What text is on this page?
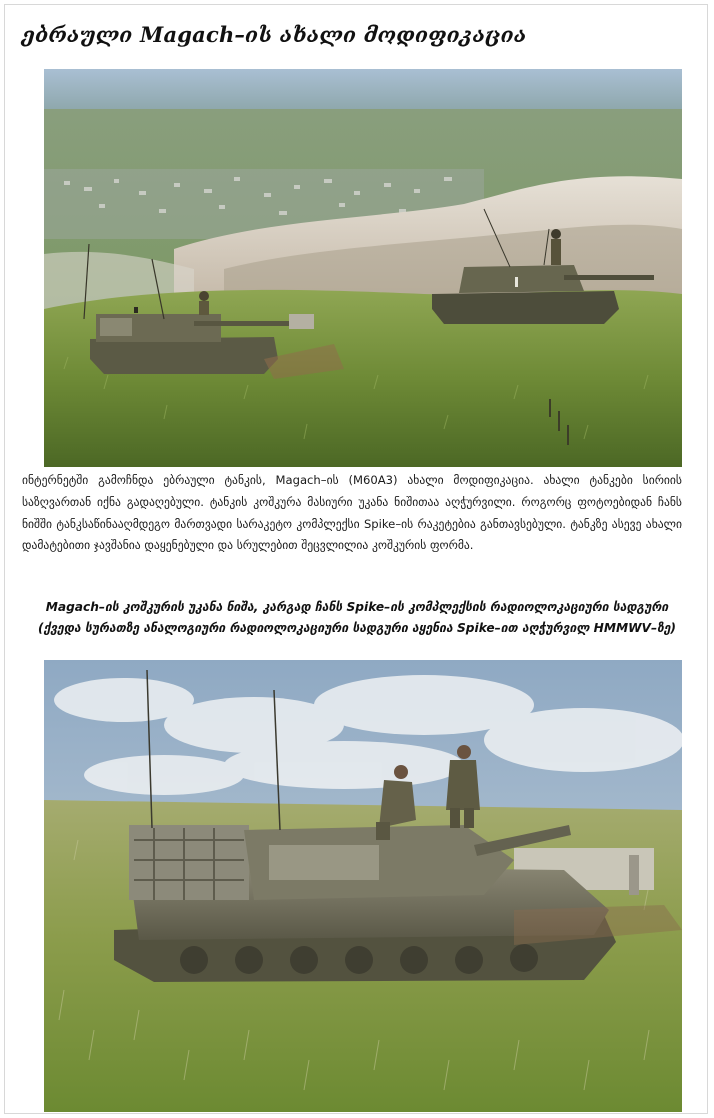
ებრაული Magach–ის ახალი მოდიფიკაცია
ინტერნეტში გამოჩნდა ებრაული ტანკის, Magach–ის (M60A3) ახალი მოდიფიკაცია. ახალი ტანკები სირიის საზღვართან იქნა გადაღებული. ტანკის კოშკურა მასიური უკანა ნიშითაა აღჭურვილი. როგორც ფოტოებიდან ჩანს ნიშში ტანკსაწინააღმდეგო მართვადი სარაკეტო კომპლექსი Spike–ის რაკეტებია განთავსებული. ტანკზე ასევე ახალი დამატებითი ჯავშანია დაყენებული და სრულებით შეცვლილია კოშკურის ფორმა.
Magach–ის კოშკურის უკანა ნიშა, კარგად ჩანს Spike–ის კომპლექსის რადიოლოკაციური სადგური (ქვედა სურათზე ანალოგიური რადიოლოკაციური სადგური აყენია Spike–ით აღჭურვილ HMMWV–ზე)
